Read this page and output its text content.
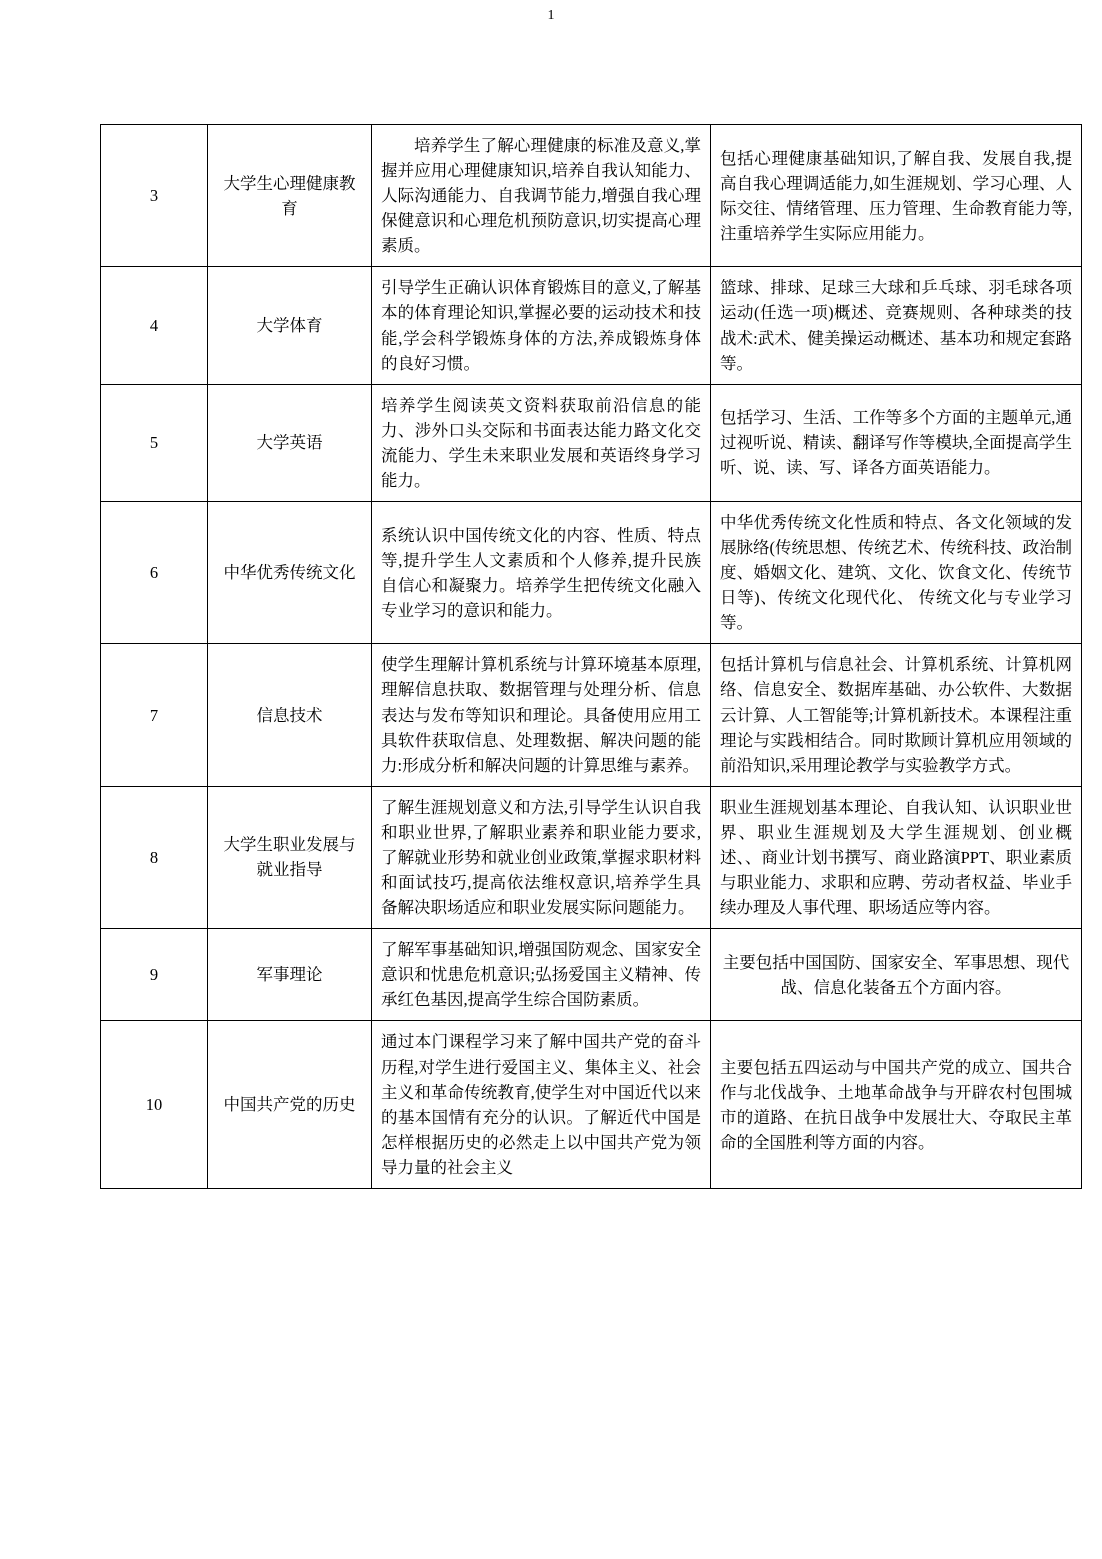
1
3	大学生心理健康教育	培养学生了解心理健康的标准及意义,掌握并应用心理健康知识,培养自我认知能力、人际沟通能力、自我调节能力,增强自我心理保健意识和心理危机预防意识,切实提高心理素质。	包括心理健康基础知识,了解自我、发展自我,提高自我心理调适能力,如生涯规划、学习心理、人际交往、情绪管理、压力管理、生命教育能力等,注重培养学生实际应用能力。
4	大学体育	引导学生正确认识体育锻炼目的意义,了解基本的体育理论知识,掌握必要的运动技术和技能,学会科学锻炼身体的方法,养成锻炼身体的良好习惯。	篮球、排球、足球三大球和乒乓球、羽毛球各项运动(任选一项)概述、竞赛规则、各种球类的技战术:武术、健美操运动概述、基本功和规定套路等。
5	大学英语	培养学生阅读英文资料获取前沿信息的能力、涉外口头交际和书面表达能力路文化交流能力、学生未来职业发展和英语终身学习能力。	包括学习、生活、工作等多个方面的主题单元,通过视听说、精读、翻译写作等模块,全面提高学生听、说、读、写、译各方面英语能力。
6	中华优秀传统文化	系统认识中国传统文化的内容、性质、特点等,提升学生人文素质和个人修养,提升民族自信心和凝聚力。培养学生把传统文化融入专业学习的意识和能力。	中华优秀传统文化性质和特点、各文化领域的发展脉络(传统思想、传统艺术、传统科技、政治制度、婚姻文化、建筑、文化、饮食文化、传统节日等)、传统文化现代化、 传统文化与专业学习等。
7	信息技术	使学生理解计算机系统与计算环境基本原理,理解信息扶取、数据管理与处理分析、信息表达与发布等知识和理论。具备使用应用工具软件获取信息、处理数据、解决问题的能力:形成分析和解决问题的计算思维与素养。	包括计算机与信息社会、计算机系统、计算机网络、信息安全、数据库基础、办公软件、大数据云计算、人工智能等;计算机新技术。本课程注重理论与实践相结合。同时欺顾计算机应用领域的前沿知识,采用理论教学与实验教学方式。
8	大学生职业发展与就业指导	了解生涯规划意义和方法,引导学生认识自我和职业世界,了解职业素养和职业能力要求,了解就业形势和就业创业政策,掌握求职材料和面试技巧,提高依法维权意识,培养学生具备解决职场适应和职业发展实际问题能力。	职业生涯规划基本理论、自我认知、认识职业世界、职业生涯规划及大学生涯规划、创业概述、、商业计划书撰写、商业路演PPT、职业素质与职业能力、求职和应聘、劳动者权益、毕业手续办理及人事代理、职场适应等内容。
9	军事理论	了解军事基础知识,增强国防观念、国家安全意识和忧患危机意识;弘扬爱国主义精神、传承红色基因,提高学生综合国防素质。	主要包括中国国防、国家安全、军事思想、现代战、信息化装备五个方面内容。

10	中国共产党的历史	通过本门课程学习来了解中国共产党的奋斗历程,对学生进行爱国主义、集体主义、社会主义和革命传统教育,使学生对中国近代以来的基本国情有充分的认识。了解近代中国是怎样根据历史的必然走上以中国共产党为领导力量的社会主义	主要包括五四运动与中国共产党的成立、国共合作与北伐战争、土地革命战争与开辟农村包围城市的道路、在抗日战争中发展壮大、夺取民主革命的全国胜利等方面的内容。
